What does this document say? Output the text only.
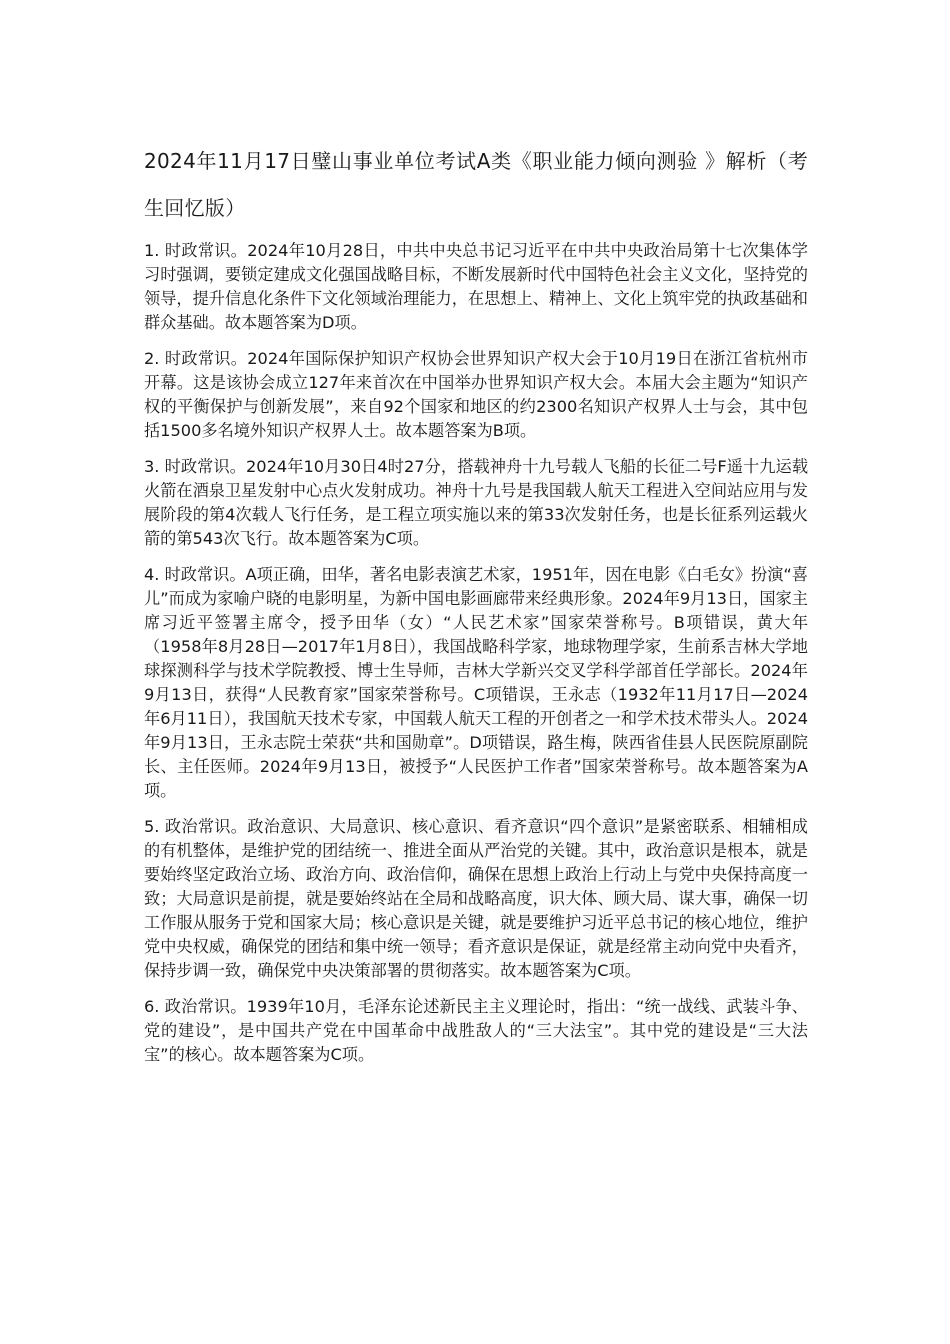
2024年11月17日璧山事业单位考试A类《职业能力倾向测验 》解析（考生回忆版）

1. 时政常识。2024年10月28日，中共中央总书记习近平在中共中央政治局第十七次集体学习时强调，要锁定建成文化强国战略目标，不断发展新时代中国特色社会主义文化，坚持党的领导，提升信息化条件下文化领域治理能力，在思想上、精神上、文化上筑牢党的执政基础和群众基础。故本题答案为D项。

2. 时政常识。2024年国际保护知识产权协会世界知识产权大会于10月19日在浙江省杭州市开幕。这是该协会成立127年来首次在中国举办世界知识产权大会。本届大会主题为“知识产权的平衡保护与创新发展”，来自92个国家和地区的约2300名知识产权界人士与会，其中包括1500多名境外知识产权界人士。故本题答案为B项。

3. 时政常识。2024年10月30日4时27分，搭载神舟十九号载人飞船的长征二号F遥十九运载火箭在酒泉卫星发射中心点火发射成功。神舟十九号是我国载人航天工程进入空间站应用与发展阶段的第4次载人飞行任务，是工程立项实施以来的第33次发射任务，也是长征系列运载火箭的第543次飞行。故本题答案为C项。

4. 时政常识。A项正确，田华，著名电影表演艺术家，1951年，因在电影《白毛女》扮演“喜儿”而成为家喻户晓的电影明星，为新中国电影画廊带来经典形象。2024年9月13日，国家主席习近平签署主席令，授予田华（女）“人民艺术家”国家荣誉称号。B项错误，黄大年（1958年8月28日—2017年1月8日），我国战略科学家，地球物理学家，生前系吉林大学地球探测科学与技术学院教授、博士生导师，吉林大学新兴交叉学科学部首任学部长。2024年9月13日，获得“人民教育家”国家荣誉称号。C项错误，王永志（1932年11月17日—2024年6月11日），我国航天技术专家，中国载人航天工程的开创者之一和学术技术带头人。2024年9月13日，王永志院士荣获“共和国勋章”。D项错误，路生梅，陕西省佳县人民医院原副院长、主任医师。2024年9月13日，被授予“人民医护工作者”国家荣誉称号。故本题答案为A项。

5. 政治常识。政治意识、大局意识、核心意识、看齐意识“四个意识”是紧密联系、相辅相成的有机整体，是维护党的团结统一、推进全面从严治党的关键。其中，政治意识是根本，就是要始终坚定政治立场、政治方向、政治信仰，确保在思想上政治上行动上与党中央保持高度一致；大局意识是前提，就是要始终站在全局和战略高度，识大体、顾大局、谋大事，确保一切工作服从服务于党和国家大局；核心意识是关键，就是要维护习近平总书记的核心地位，维护党中央权威，确保党的团结和集中统一领导；看齐意识是保证，就是经常主动向党中央看齐，保持步调一致，确保党中央决策部署的贯彻落实。故本题答案为C项。

6. 政治常识。1939年10月，毛泽东论述新民主主义理论时，指出：“统一战线、武装斗争、党的建设”，是中国共产党在中国革命中战胜敌人的“三大法宝”。其中党的建设是“三大法宝”的核心。故本题答案为C项。
